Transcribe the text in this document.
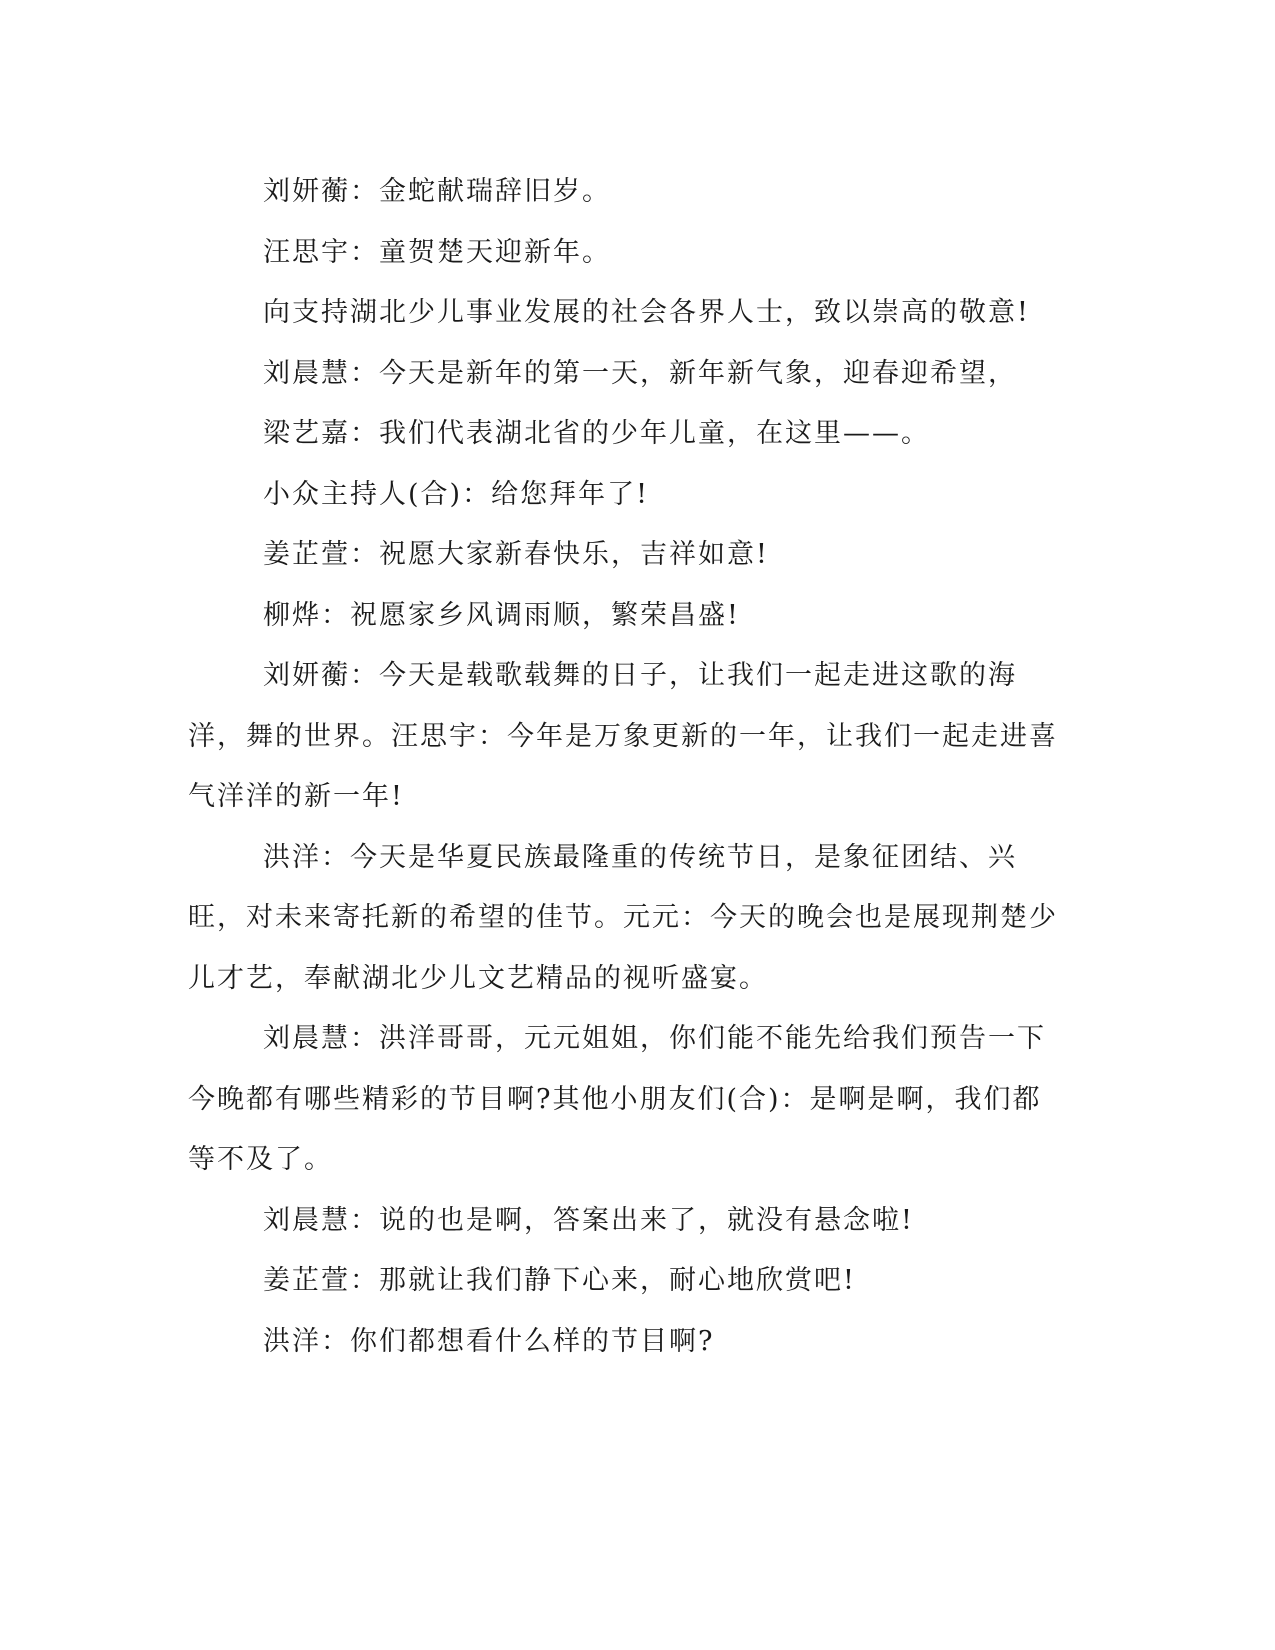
刘妍蘅：金蛇献瑞辞旧岁。

汪思宇：童贺楚天迎新年。

向支持湖北少儿事业发展的社会各界人士，致以崇高的敬意!

刘晨慧：今天是新年的第一天，新年新气象，迎春迎希望，

梁艺嘉：我们代表湖北省的少年儿童，在这里——。

小众主持人(合)：给您拜年了!

姜芷萱：祝愿大家新春快乐，吉祥如意!

柳烨：祝愿家乡风调雨顺，繁荣昌盛!

刘妍蘅：今天是载歌载舞的日子，让我们一起走进这歌的海洋，舞的世界。汪思宇：今年是万象更新的一年，让我们一起走进喜气洋洋的新一年!

洪洋：今天是华夏民族最隆重的传统节日，是象征团结、兴旺，对未来寄托新的希望的佳节。元元：今天的晚会也是展现荆楚少儿才艺，奉献湖北少儿文艺精品的视听盛宴。

刘晨慧：洪洋哥哥，元元姐姐，你们能不能先给我们预告一下今晚都有哪些精彩的节目啊?其他小朋友们(合)：是啊是啊，我们都等不及了。

刘晨慧：说的也是啊，答案出来了，就没有悬念啦!

姜芷萱：那就让我们静下心来，耐心地欣赏吧!

洪洋：你们都想看什么样的节目啊?
